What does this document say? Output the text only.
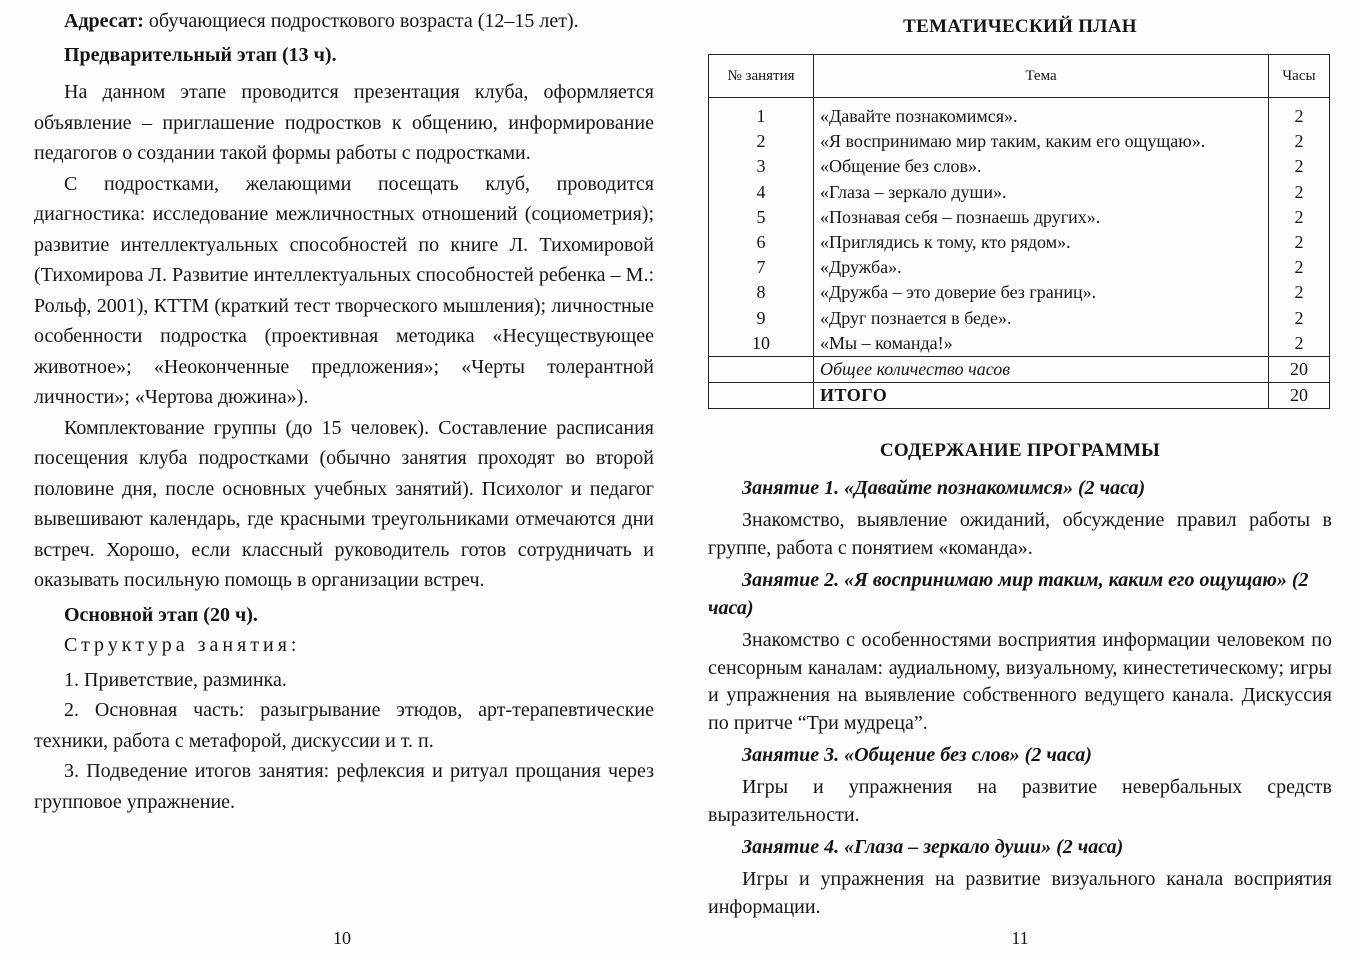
Адресат: обучающиеся подросткового возраста (12–15 лет).

Предварительный этап (13 ч).

На данном этапе проводится презентация клуба, оформляется объявление – приглашение подростков к общению, информирование педагогов о создании такой формы работы с подростками.

С подростками, желающими посещать клуб, проводится диагностика: исследование межличностных отношений (социометрия); развитие интеллектуальных способностей по книге Л. Тихомировой (Тихомирова Л. Развитие интеллектуальных способностей ребенка – М.: Рольф, 2001), КТТМ (краткий тест творческого мышления); личностные особенности подростка (проективная методика «Несуществующее животное»; «Неоконченные предложения»; «Черты толерантной личности»; «Чертова дюжина»).

Комплектование группы (до 15 человек). Составление расписания посещения клуба подростками (обычно занятия проходят во второй половине дня, после основных учебных занятий). Психолог и педагог вывешивают календарь, где красными треугольниками отмечаются дни встреч. Хорошо, если классный руководитель готов сотрудничать и оказывать посильную помощь в организации встреч.

Основной этап (20 ч).

Структура занятия:

1. Приветствие, разминка.

2. Основная часть: разыгрывание этюдов, арт-терапевтические техники, работа с метафорой, дискуссии и т. п.

3. Подведение итогов занятия: рефлексия и ритуал прощания через групповое упражнение.

10

ТЕМАТИЧЕСКИЙ ПЛАН

№ занятия	Тема	Часы

1	«Давайте познакомимся».	2
2	«Я воспринимаю мир таким, каким его ощущаю».	2
3	«Общение без слов».	2
4	«Глаза – зеркало души».	2
5	«Познавая себя – познаешь других».	2
6	«Приглядись к тому, кто рядом».	2
7	«Дружба».	2
8	«Дружба – это доверие без границ».	2
9	«Друг познается в беде».	2
10	«Мы – команда!»	2
	Общее количество часов	20
	ИТОГО	20

СОДЕРЖАНИЕ ПРОГРАММЫ

Занятие 1. «Давайте познакомимся» (2 часа)

Знакомство, выявление ожиданий, обсуждение правил работы в группе, работа с понятием «команда».

Занятие 2. «Я воспринимаю мир таким, каким его ощущаю» (2 часа)

Знакомство с особенностями восприятия информации человеком по сенсорным каналам: аудиальному, визуальному, кинестетическому; игры и упражнения на выявление собственного ведущего канала. Дискуссия по притче “Три мудреца”.

Занятие 3. «Общение без слов» (2 часа)

Игры и упражнения на развитие невербальных средств выразительности.

Занятие 4. «Глаза – зеркало души» (2 часа)

Игры и упражнения на развитие визуального канала восприятия информации.

11
